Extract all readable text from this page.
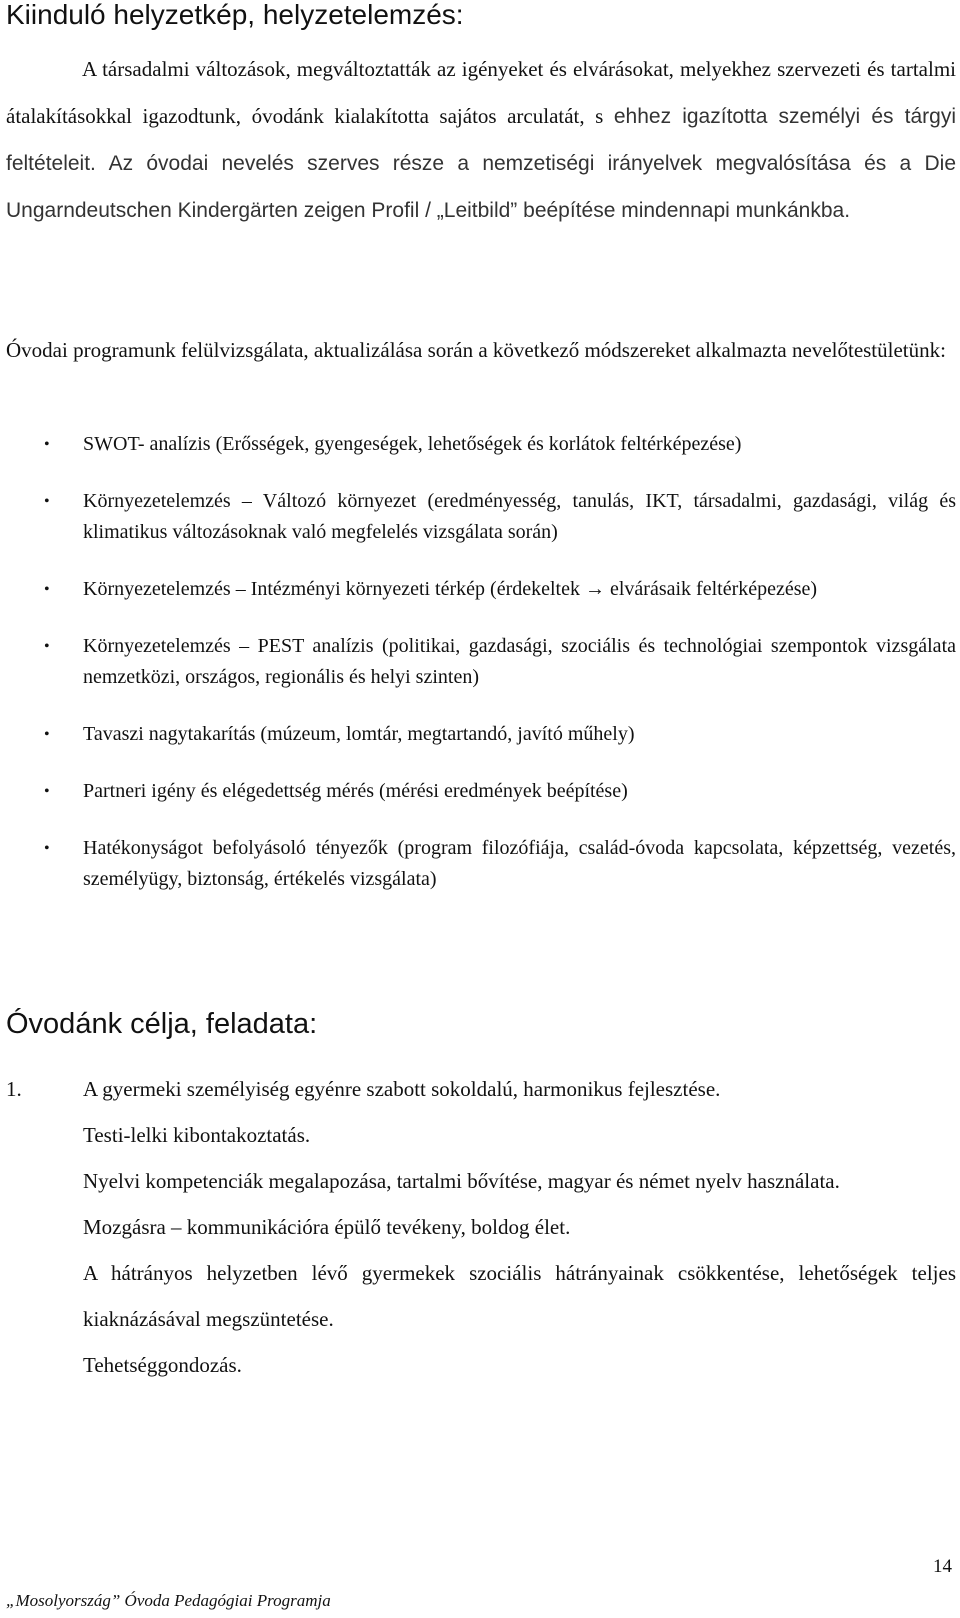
Kiinduló helyzetkép, helyzetelemzés:

A társadalmi változások, megváltoztatták az igényeket és elvárásokat, melyekhez szervezeti és tartalmi átalakításokkal igazodtunk, óvodánk kialakította sajátos arculatát, s ehhez igazította személyi és tárgyi feltételeit. Az óvodai nevelés szerves része a nemzetiségi irányelvek megvalósítása és a Die Ungarndeutschen Kindergärten zeigen Profil / „Leitbild” beépítése mindennapi munkánkba.

Óvodai programunk felülvizsgálata, aktualizálása során a következő módszereket alkalmazta nevelőtestületünk:

• SWOT- analízis (Erősségek, gyengeségek, lehetőségek és korlátok feltérképezése)
• Környezetelemzés – Változó környezet (eredményesség, tanulás, IKT, társadalmi, gazdasági, világ és klimatikus változásoknak való megfelelés vizsgálata során)
• Környezetelemzés – Intézményi környezeti térkép (érdekeltek → elvárásaik feltérképezése)
• Környezetelemzés – PEST analízis (politikai, gazdasági, szociális és technológiai szempontok vizsgálata nemzetközi, országos, regionális és helyi szinten)
• Tavaszi nagytakarítás (múzeum, lomtár, megtartandó, javító műhely)
• Partneri igény és elégedettség mérés (mérési eredmények beépítése)
• Hatékonyságot befolyásoló tényezők (program filozófiája, család-óvoda kapcsolata, képzettség, vezetés, személyügy, biztonság, értékelés vizsgálata)
Óvodánk célja, feladata:
1.	A gyermeki személyiség egyénre szabott sokoldalú, harmonikus fejlesztése.
Testi-lelki kibontakoztatás.
Nyelvi kompetenciák megalapozása, tartalmi bővítése, magyar és német nyelv használata.
Mozgásra – kommunikációra épülő tevékeny, boldog élet.
A hátrányos helyzetben lévő gyermekek szociális hátrányainak csökkentése, lehetőségek teljes kiaknázásával megszüntetése.
Tehetséggondozás.
14
„Mosolyország” Óvoda Pedagógiai Programja
